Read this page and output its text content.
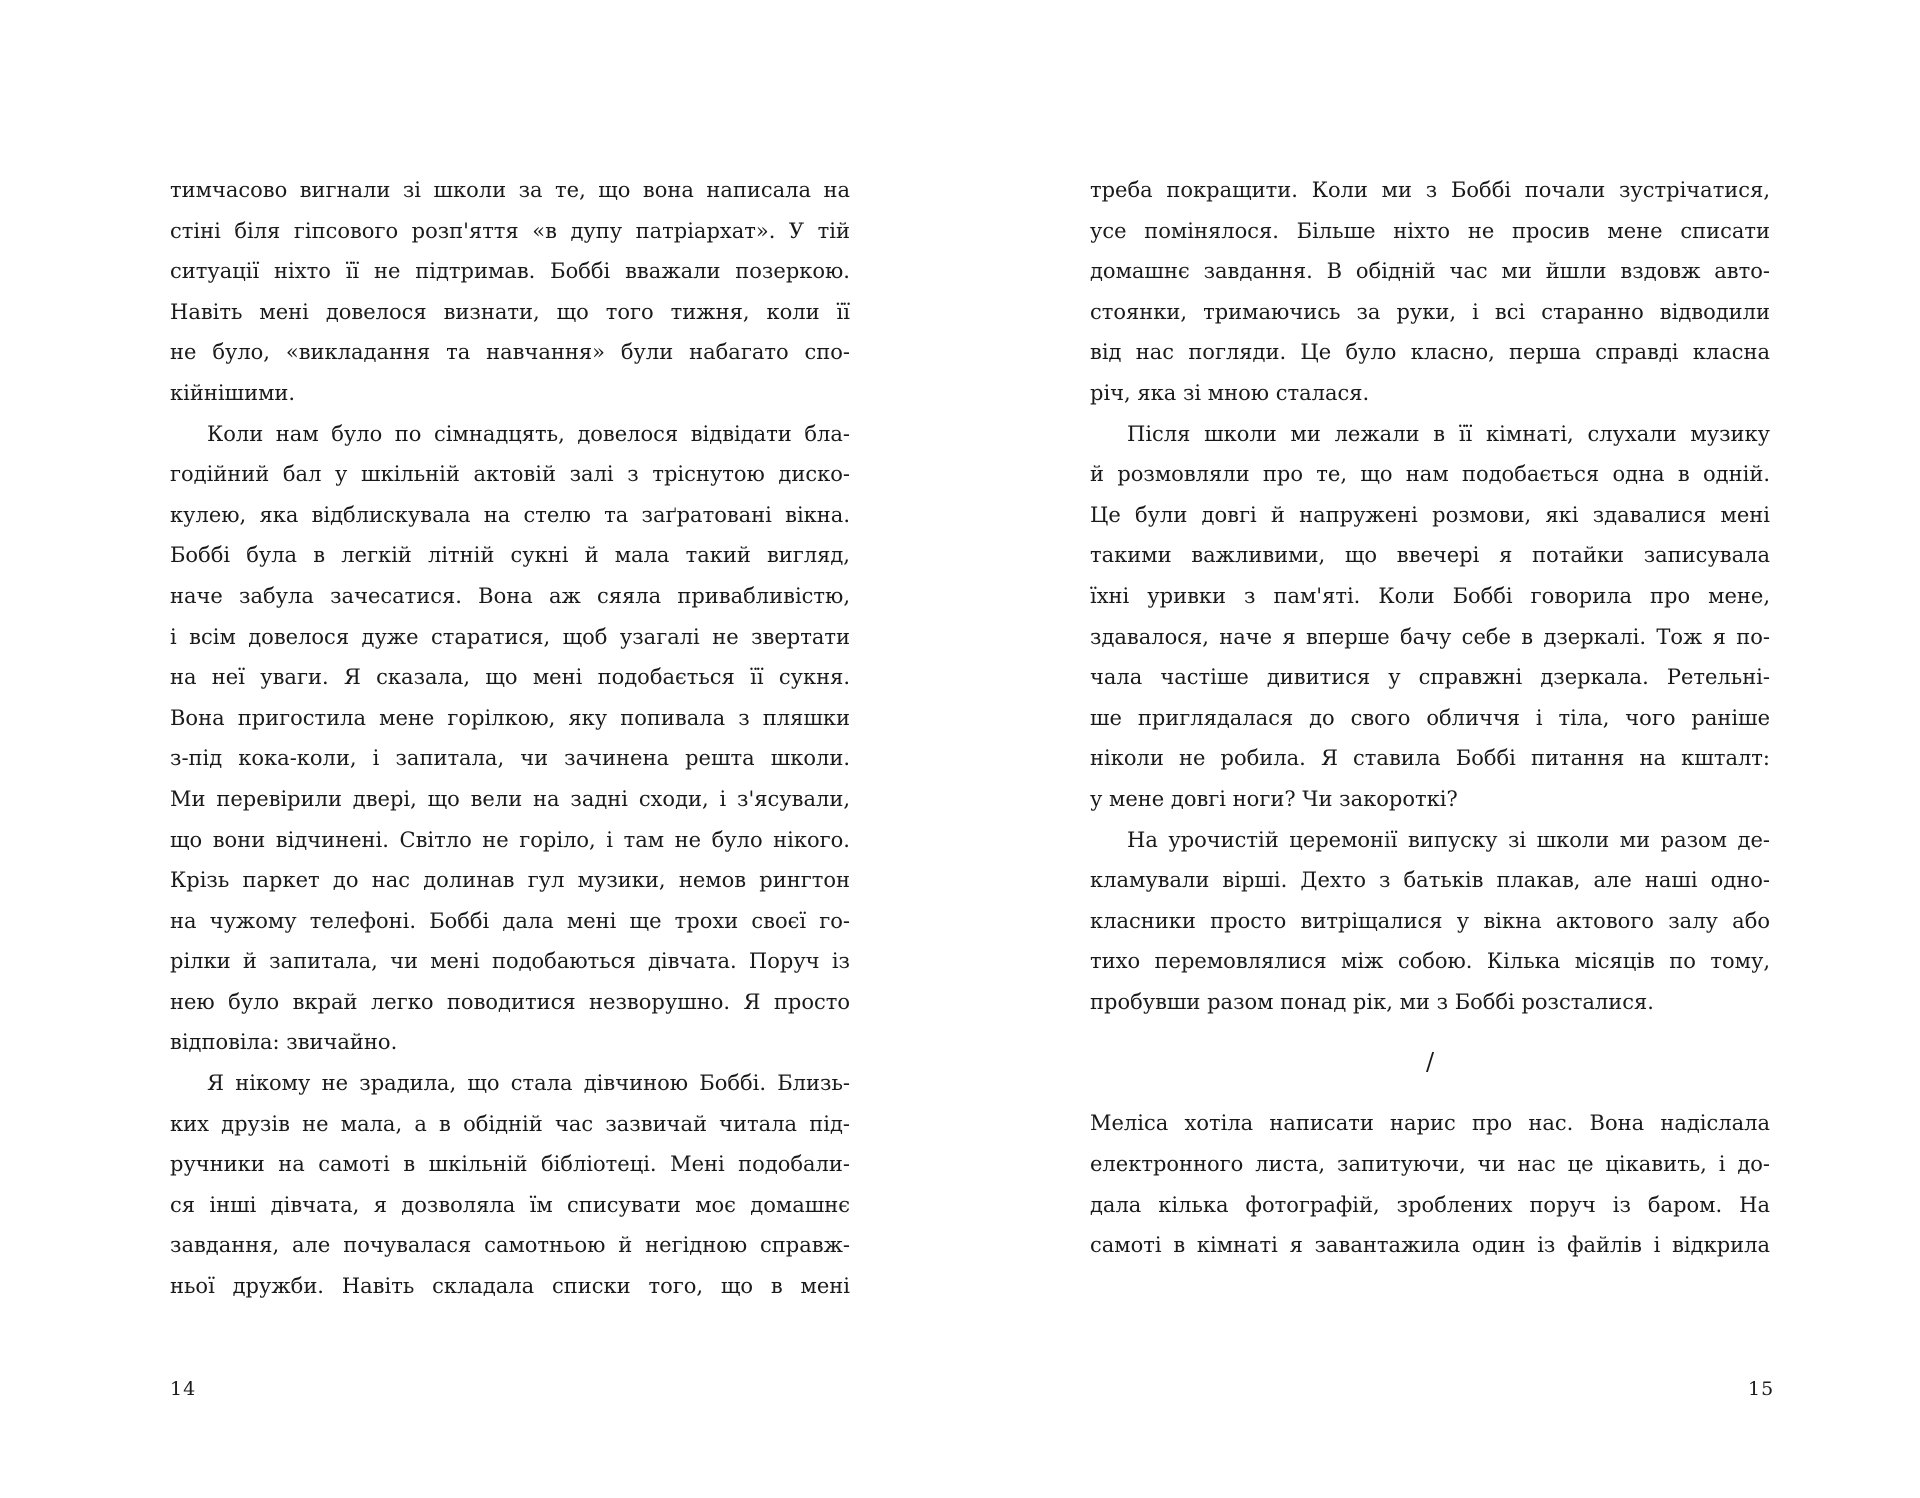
тимчасово вигнали зі школи за те, що вона написала на
стіні біля гіпсового розп'яття «в дупу патріархат». У тій
ситуації ніхто її не підтримав. Боббі вважали позеркою.
Навіть мені довелося визнати, що того тижня, коли її
не було, «викладання та навчання» були набагато спо-
кійнішими.
Коли нам було по сімнадцять, довелося відвідати бла-
годійний бал у шкільній актовій залі з тріснутою диско-
кулею, яка відблискувала на стелю та заґратовані вікна.
Боббі була в легкій літній сукні й мала такий вигляд,
наче забула зачесатися. Вона аж сяяла привабливістю,
і всім довелося дуже старатися, щоб узагалі не звертати
на неї уваги. Я сказала, що мені подобається її сукня.
Вона пригостила мене горілкою, яку попивала з пляшки
з-під кока-коли, і запитала, чи зачинена решта школи.
Ми перевірили двері, що вели на задні сходи, і з'ясували,
що вони відчинені. Світло не горіло, і там не було нікого.
Крізь паркет до нас долинав гул музики, немов рингтон
на чужому телефоні. Боббі дала мені ще трохи своєї го-
рілки й запитала, чи мені подобаються дівчата. Поруч із
нею було вкрай легко поводитися незворушно. Я просто
відповіла: звичайно.
Я нікому не зрадила, що стала дівчиною Боббі. Близь-
ких друзів не мала, а в обідній час зазвичай читала під-
ручники на самоті в шкільній бібліотеці. Мені подобали-
ся інші дівчата, я дозволяла їм списувати моє домашнє
завдання, але почувалася самотньою й негідною справж-
ньої дружби. Навіть складала списки того, що в мені
треба покращити. Коли ми з Боббі почали зустрічатися,
усе помінялося. Більше ніхто не просив мене списати
домашнє завдання. В обідній час ми йшли вздовж авто-
стоянки, тримаючись за руки, і всі старанно відводили
від нас погляди. Це було класно, перша справді класна
річ, яка зі мною сталася.
Після школи ми лежали в її кімнаті, слухали музику
й розмовляли про те, що нам подобається одна в одній.
Це були довгі й напружені розмови, які здавалися мені
такими важливими, що ввечері я потайки записувала
їхні уривки з пам'яті. Коли Боббі говорила про мене,
здавалося, наче я вперше бачу себе в дзеркалі. Тож я по-
чала частіше дивитися у справжні дзеркала. Ретельні-
ше приглядалася до свого обличчя і тіла, чого раніше
ніколи не робила. Я ставила Боббі питання на кшталт:
у мене довгі ноги? Чи закороткі?
На урочистій церемонії випуску зі школи ми разом де-
кламували вірші. Дехто з батьків плакав, але наші одно-
класники просто витріщалися у вікна актового залу або
тихо перемовлялися між собою. Кілька місяців по тому,
пробувши разом понад рік, ми з Боббі розсталися.
/
Меліса хотіла написати нарис про нас. Вона надіслала
електронного листа, запитуючи, чи нас це цікавить, і до-
дала кілька фотографій, зроблених поруч із баром. На
самоті в кімнаті я завантажила один із файлів і відкрила
14	15
